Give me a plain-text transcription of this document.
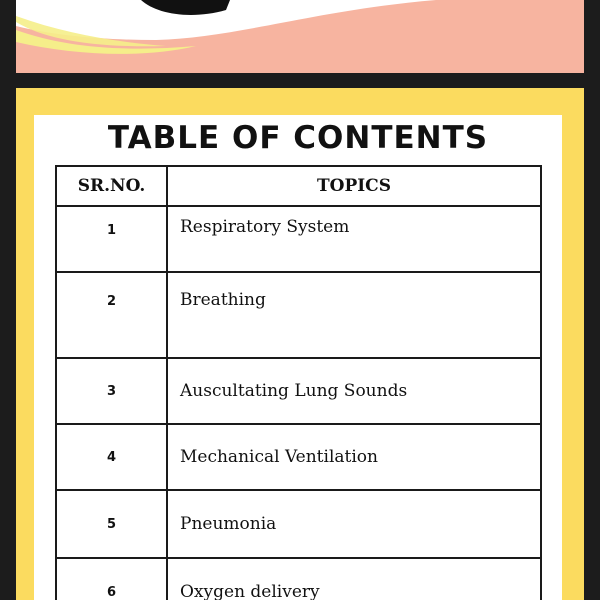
TABLE OF CONTENTS
SR.NO.	TOPICS
1	Respiratory System
2	Breathing
3	Auscultating Lung Sounds
4	Mechanical Ventilation
5	Pneumonia
6	Oxygen delivery
